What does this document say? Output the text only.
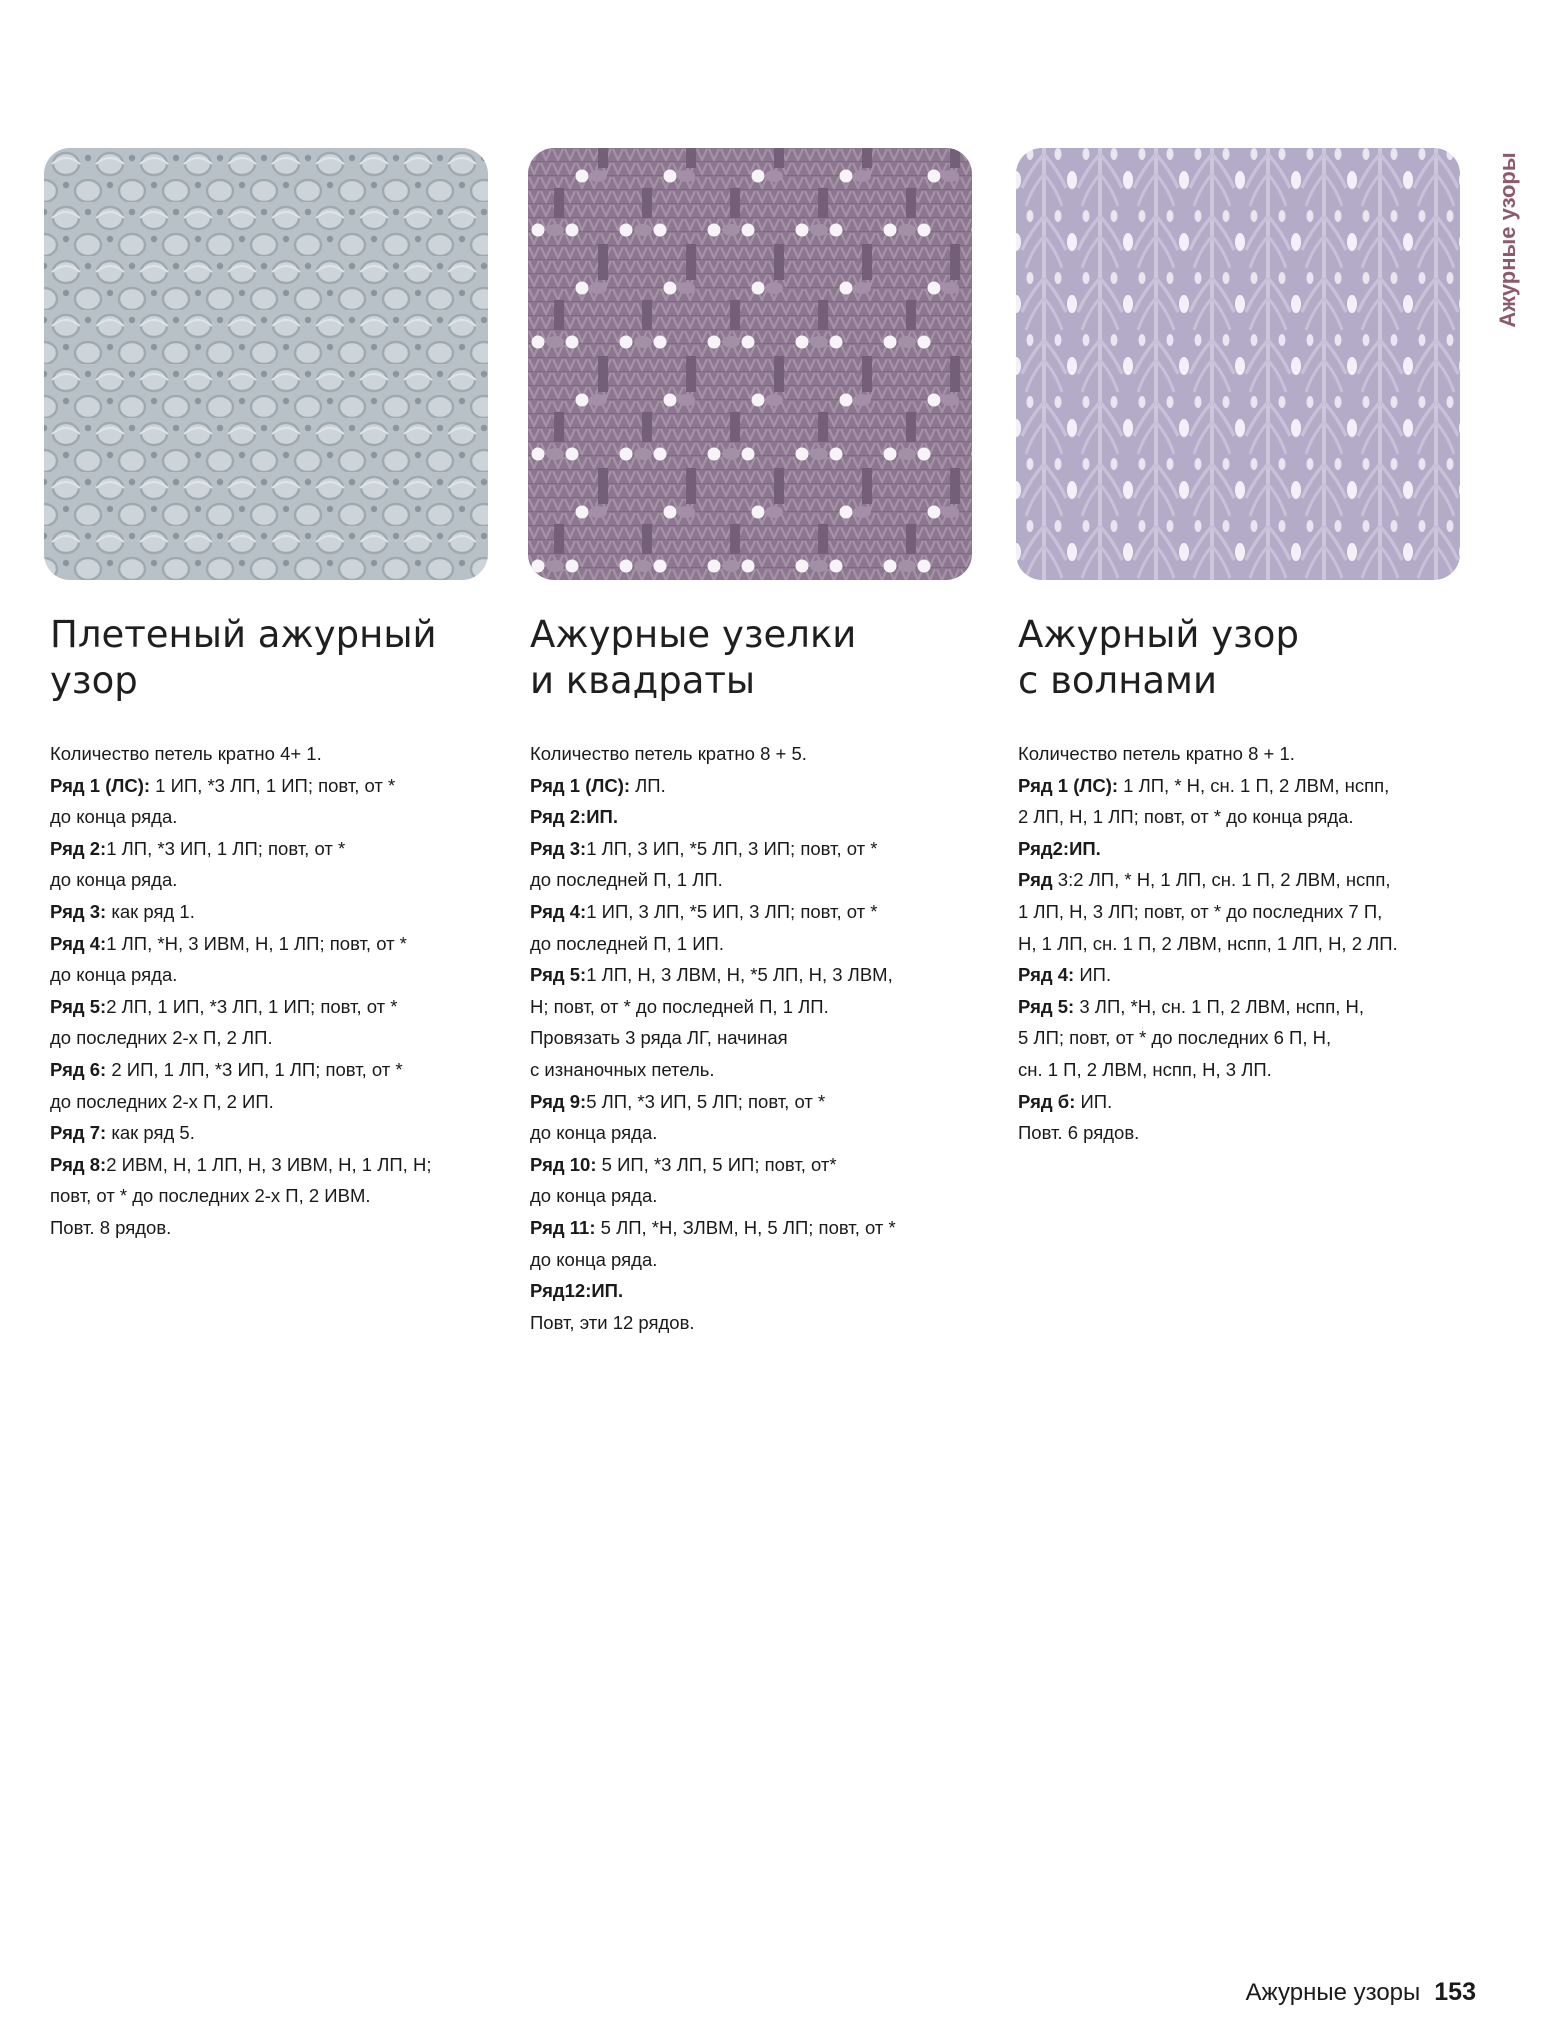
Плетеный ажурный
узор
Количество петель кратно 4+ 1.
Ряд 1 (ЛС): 1 ИП, *3 ЛП, 1 ИП; повт, от *
до конца ряда.
Ряд 2:1 ЛП, *3 ИП, 1 ЛП; повт, от *
до конца ряда.
Ряд 3: как ряд 1.
Ряд 4:1 ЛП, *Н, 3 ИВМ, Н, 1 ЛП; повт, от *
до конца ряда.
Ряд 5:2 ЛП, 1 ИП, *3 ЛП, 1 ИП; повт, от *
до последних 2-х П, 2 ЛП.
Ряд 6: 2 ИП, 1 ЛП, *3 ИП, 1 ЛП; повт, от *
до последних 2-х П, 2 ИП.
Ряд 7: как ряд 5.
Ряд 8:2 ИВМ, Н, 1 ЛП, Н, 3 ИВМ, Н, 1 ЛП, Н;
повт, от * до последних 2-х П, 2 ИВМ.
Повт. 8 рядов.
Ажурные узелки
и квадраты
Количество петель кратно 8 + 5.
Ряд 1 (ЛС): ЛП.
Ряд 2:ИП.
Ряд 3:1 ЛП, 3 ИП, *5 ЛП, 3 ИП; повт, от *
до последней П, 1 ЛП.
Ряд 4:1 ИП, 3 ЛП, *5 ИП, 3 ЛП; повт, от *
до последней П, 1 ИП.
Ряд 5:1 ЛП, Н, 3 ЛВМ, Н, *5 ЛП, Н, 3 ЛВМ,
Н; повт, от * до последней П, 1 ЛП.
Провязать 3 ряда ЛГ, начиная
с изнаночных петель.
Ряд 9:5 ЛП, *3 ИП, 5 ЛП; повт, от *
до конца ряда.
Ряд 10: 5 ИП, *3 ЛП, 5 ИП; повт, от*
до конца ряда.
Ряд 11: 5 ЛП, *Н, ЗЛВМ, Н, 5 ЛП; повт, от *
до конца ряда.
Ряд12:ИП.
Повт, эти 12 рядов.
Ажурный узор
с волнами
Количество петель кратно 8 + 1.
Ряд 1 (ЛС): 1 ЛП, * Н, сн. 1 П, 2 ЛВМ, нспп,
2 ЛП, Н, 1 ЛП; повт, от * до конца ряда.
Ряд2:ИП.
Ряд 3:2 ЛП, * Н, 1 ЛП, сн. 1 П, 2 ЛВМ, нспп,
1 ЛП, Н, 3 ЛП; повт, от * до последних 7 П,
Н, 1 ЛП, сн. 1 П, 2 ЛВМ, нспп, 1 ЛП, Н, 2 ЛП.
Ряд 4: ИП.
Ряд 5: 3 ЛП, *Н, сн. 1 П, 2 ЛВМ, нспп, Н,
5 ЛП; повт, от * до последних 6 П, Н,
сн. 1 П, 2 ЛВМ, нспп, Н, 3 ЛП.
Ряд б: ИП.
Повт. 6 рядов.
Ажурные узоры
Ажурные узоры 153
